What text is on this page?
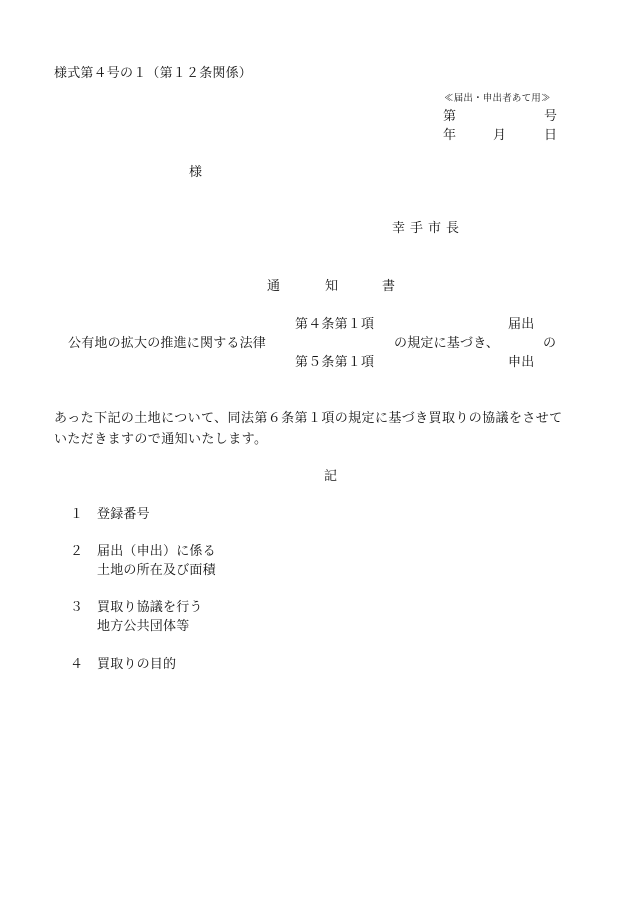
様式第４号の１（第１２条関係）
≪届出・申出者あて用≫
第	号
年	月	日
様
幸手市長
通	知	書
第４条第１項	届出
公有地の拡大の推進に関する法律	の規定に基づき、	の
第５条第１項	申出
あった下記の土地について、同法第６条第１項の規定に基づき買取りの協議をさせていただきますので通知いたします。
記
１ 登録番号
２ 届出（申出）に係る
土地の所在及び面積
３ 買取り協議を行う
地方公共団体等
４ 買取りの目的
